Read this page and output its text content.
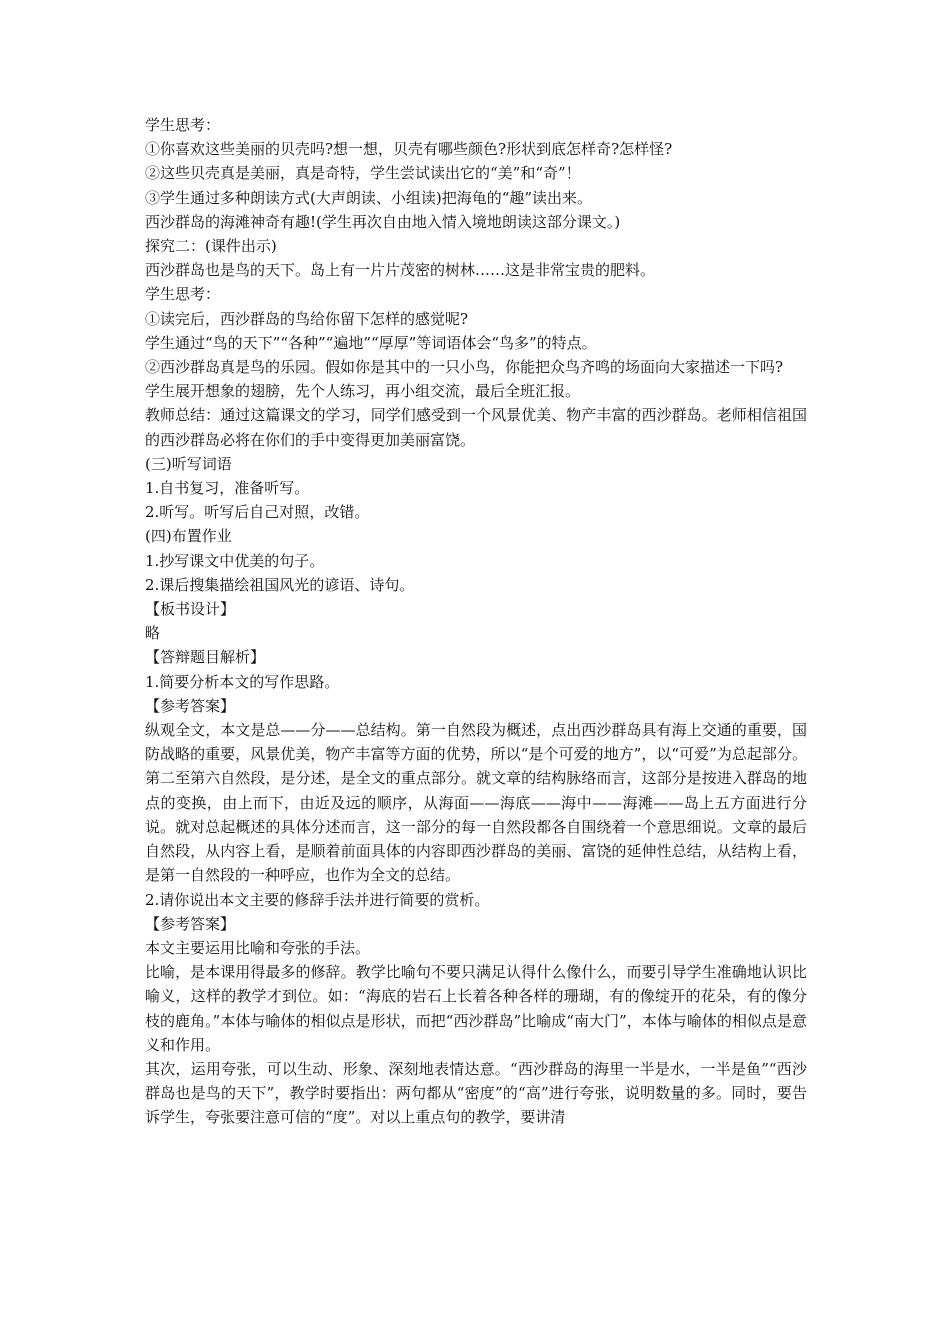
学生思考：

①你喜欢这些美丽的贝壳吗?想一想，贝壳有哪些颜色?形状到底怎样奇?怎样怪?

②这些贝壳真是美丽，真是奇特，学生尝试读出它的“美”和“奇”！

③学生通过多种朗读方式(大声朗读、小组读)把海龟的“趣”读出来。

西沙群岛的海滩神奇有趣!(学生再次自由地入情入境地朗读这部分课文。)

探究二：(课件出示)

西沙群岛也是鸟的天下。岛上有一片片茂密的树林……这是非常宝贵的肥料。

学生思考：

①读完后，西沙群岛的鸟给你留下怎样的感觉呢?

学生通过“鸟的天下”“各种”“遍地”“厚厚”等词语体会“鸟多”的特点。

②西沙群岛真是鸟的乐园。假如你是其中的一只小鸟，你能把众鸟齐鸣的场面向大家描述一下吗?

学生展开想象的翅膀，先个人练习，再小组交流，最后全班汇报。

教师总结：通过这篇课文的学习，同学们感受到一个风景优美、物产丰富的西沙群岛。老师相信祖国的西沙群岛必将在你们的手中变得更加美丽富饶。

(三)听写词语

1.自书复习，准备听写。

2.听写。听写后自己对照，改错。

(四)布置作业

1.抄写课文中优美的句子。

2.课后搜集描绘祖国风光的谚语、诗句。

【板书设计】

略

【答辩题目解析】

1.简要分析本文的写作思路。

【参考答案】

纵观全文，本文是总——分——总结构。第一自然段为概述，点出西沙群岛具有海上交通的重要，国防战略的重要，风景优美，物产丰富等方面的优势，所以“是个可爱的地方”，以“可爱”为总起部分。第二至第六自然段，是分述，是全文的重点部分。就文章的结构脉络而言，这部分是按进入群岛的地点的变换，由上而下，由近及远的顺序，从海面——海底——海中——海滩——岛上五方面进行分说。就对总起概述的具体分述而言，这一部分的每一自然段都各自围绕着一个意思细说。文章的最后自然段，从内容上看，是顺着前面具体的内容即西沙群岛的美丽、富饶的延伸性总结，从结构上看，是第一自然段的一种呼应，也作为全文的总结。

2.请你说出本文主要的修辞手法并进行简要的赏析。

【参考答案】

本文主要运用比喻和夸张的手法。

比喻，是本课用得最多的修辞。教学比喻句不要只满足认得什么像什么，而要引导学生准确地认识比喻义，这样的教学才到位。如：“海底的岩石上长着各种各样的珊瑚，有的像绽开的花朵，有的像分枝的鹿角。”本体与喻体的相似点是形状，而把“西沙群岛”比喻成“南大门”，本体与喻体的相似点是意义和作用。

其次，运用夸张，可以生动、形象、深刻地表情达意。“西沙群岛的海里一半是水，一半是鱼”“西沙群岛也是鸟的天下”，教学时要指出：两句都从“密度”的“高”进行夸张，说明数量的多。同时，要告诉学生，夸张要注意可信的“度”。对以上重点句的教学，要讲清
